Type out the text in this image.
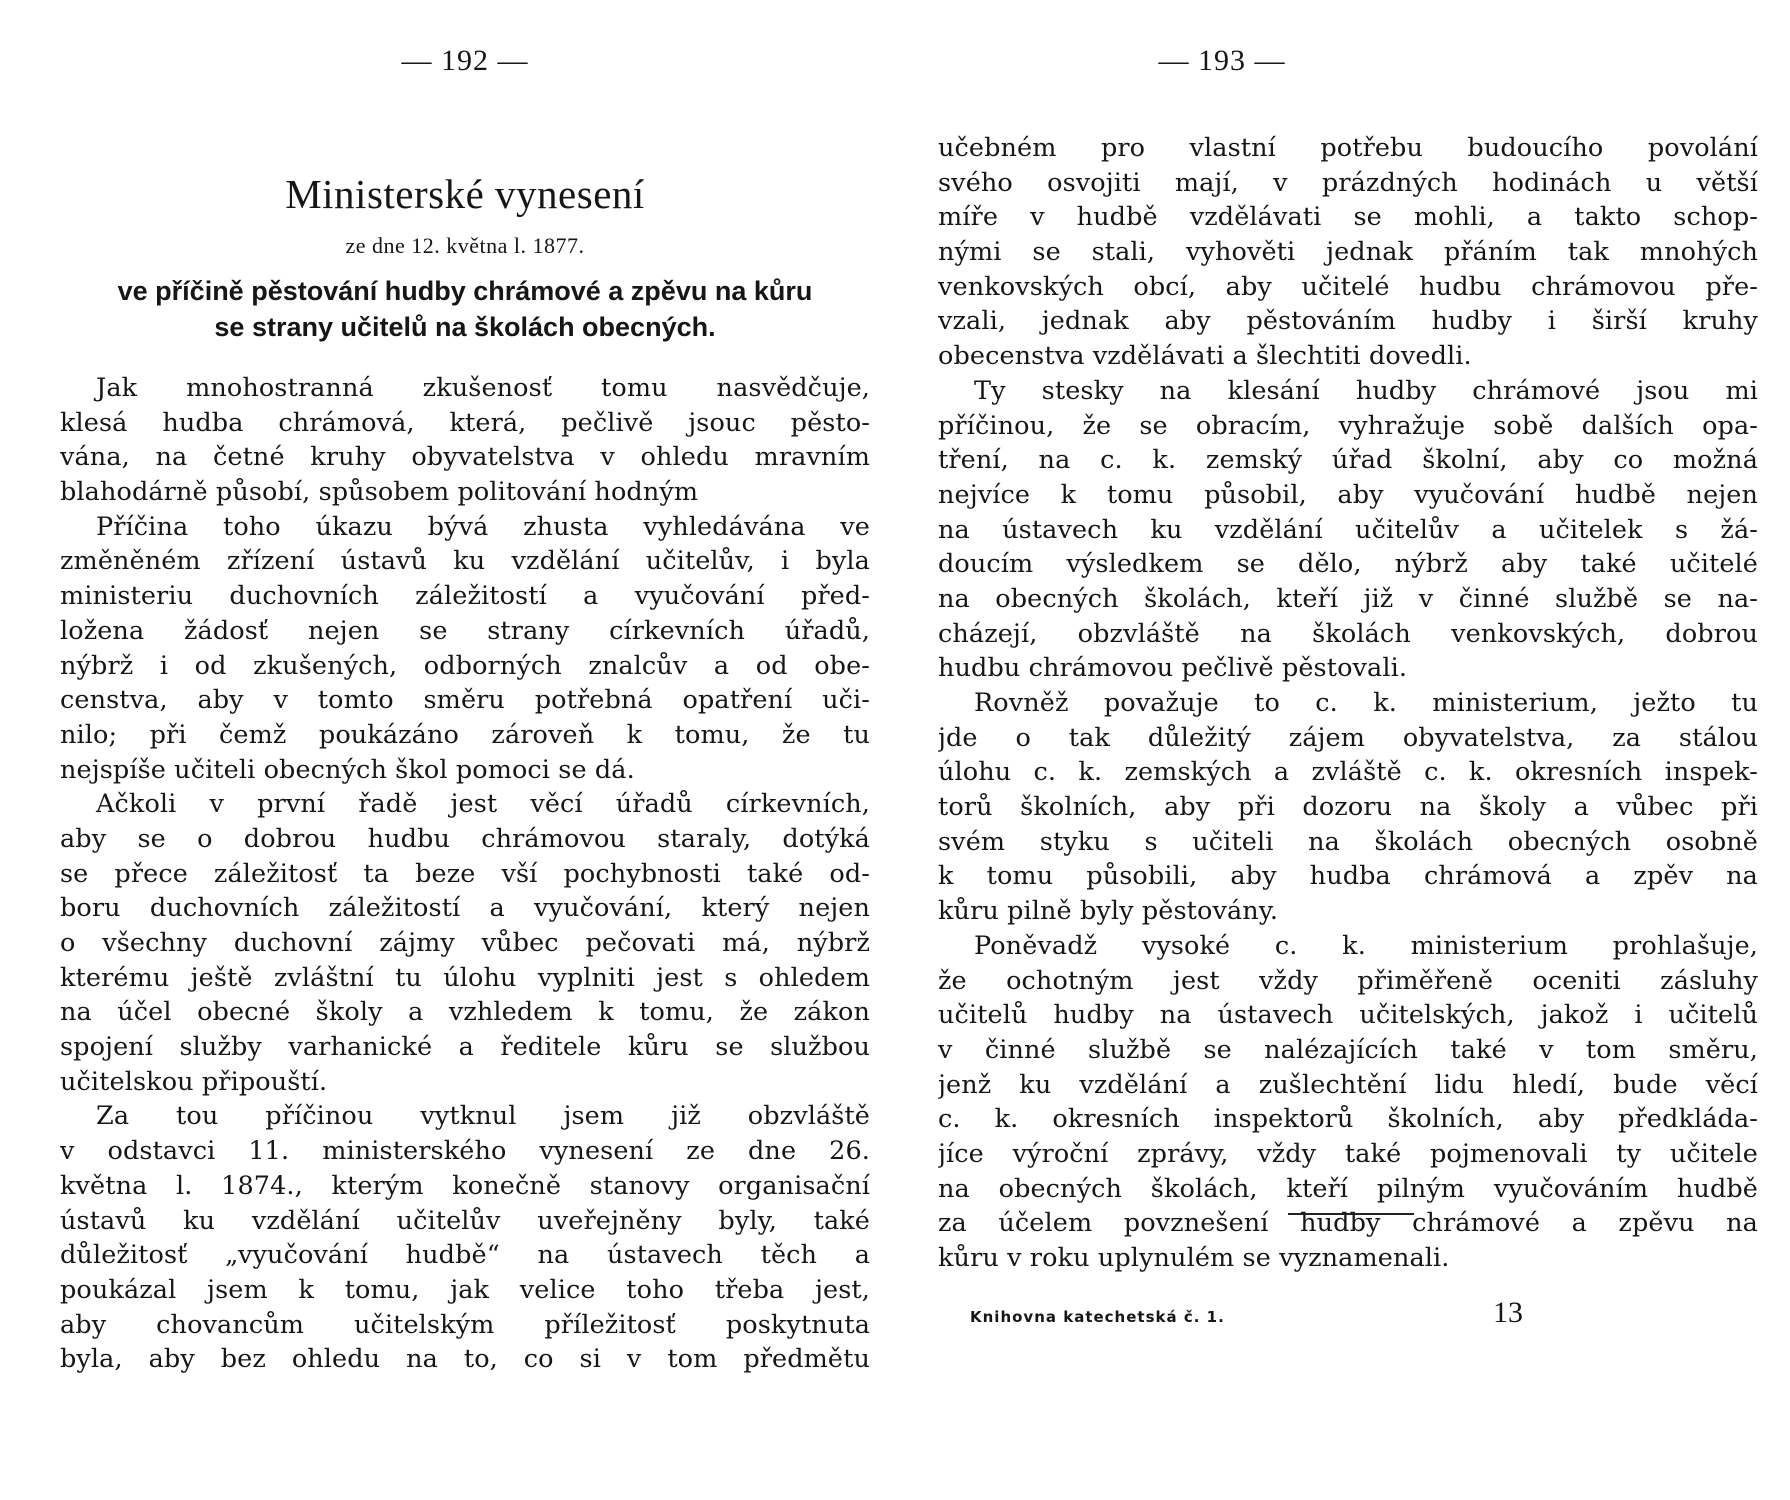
— 192 —
Ministerské vynesení
ze dne 12. května l. 1877.
ve příčině pěstování hudby chrámové a zpěvu na kůru
se strany učitelů na školách obecných.
Jak mnohostranná zkušenosť tomu nasvědčuje,
klesá hudba chrámová, která, pečlivě jsouc pěsto-
vána, na četné kruhy obyvatelstva v ohledu mravním
blahodárně působí, spůsobem politování hodným
Příčina toho úkazu bývá zhusta vyhledávána ve
změněném zřízení ústavů ku vzdělání učitelův, i byla
ministeriu duchovních záležitostí a vyučování před-
ložena žádosť nejen se strany církevních úřadů,
nýbrž i od zkušených, odborných znalcův a od obe-
censtva, aby v tomto směru potřebná opatření uči-
nilo; při čemž poukázáno zároveň k tomu, že tu
nejspíše učiteli obecných škol pomoci se dá.
Ačkoli v první řadě jest věcí úřadů církevních,
aby se o dobrou hudbu chrámovou staraly, dotýká
se přece záležitosť ta beze vší pochybnosti také od-
boru duchovních záležitostí a vyučování, který nejen
o všechny duchovní zájmy vůbec pečovati má, nýbrž
kterému ještě zvláštní tu úlohu vyplniti jest s ohledem
na účel obecné školy a vzhledem k tomu, že zákon
spojení služby varhanické a ředitele kůru se službou
učitelskou připouští.
Za tou příčinou vytknul jsem již obzvláště
v odstavci 11. ministerského vynesení ze dne 26.
května l. 1874., kterým konečně stanovy organisační
ústavů ku vzdělání učitelův uveřejněny byly, také
důležitosť „vyučování hudbě“ na ústavech těch a
poukázal jsem k tomu, jak velice toho třeba jest,
aby chovancům učitelským příležitosť poskytnuta
byla, aby bez ohledu na to, co si v tom předmětu
— 193 —
učebném pro vlastní potřebu budoucího povolání
svého osvojiti mají, v prázdných hodinách u větší
míře v hudbě vzdělávati se mohli, a takto schop-
nými se stali, vyhověti jednak přáním tak mnohých
venkovských obcí, aby učitelé hudbu chrámovou pře-
vzali, jednak aby pěstováním hudby i širší kruhy
obecenstva vzdělávati a šlechtiti dovedli.
Ty stesky na klesání hudby chrámové jsou mi
příčinou, že se obracím, vyhražuje sobě dalších opa-
tření, na c. k. zemský úřad školní, aby co možná
nejvíce k tomu působil, aby vyučování hudbě nejen
na ústavech ku vzdělání učitelův a učitelek s žá-
doucím výsledkem se dělo, nýbrž aby také učitelé
na obecných školách, kteří již v činné službě se na-
cházejí, obzvláště na školách venkovských, dobrou
hudbu chrámovou pečlivě pěstovali.
Rovněž považuje to c. k. ministerium, ježto tu
jde o tak důležitý zájem obyvatelstva, za stálou
úlohu c. k. zemských a zvláště c. k. okresních inspek-
torů školních, aby při dozoru na školy a vůbec při
svém styku s učiteli na školách obecných osobně
k tomu působili, aby hudba chrámová a zpěv na
kůru pilně byly pěstovány.
Poněvadž vysoké c. k. ministerium prohlašuje,
že ochotným jest vždy přiměřeně oceniti zásluhy
učitelů hudby na ústavech učitelských, jakož i učitelů
v činné službě se nalézajících také v tom směru,
jenž ku vzdělání a zušlechtění lidu hledí, bude věcí
c. k. okresních inspektorů školních, aby předkláda-
jíce výroční zprávy, vždy také pojmenovali ty učitele
na obecných školách, kteří pilným vyučováním hudbě
za účelem povznešení hudby chrámové a zpěvu na
kůru v roku uplynulém se vyznamenali.
Knihovna katechetská č. 1.	13
